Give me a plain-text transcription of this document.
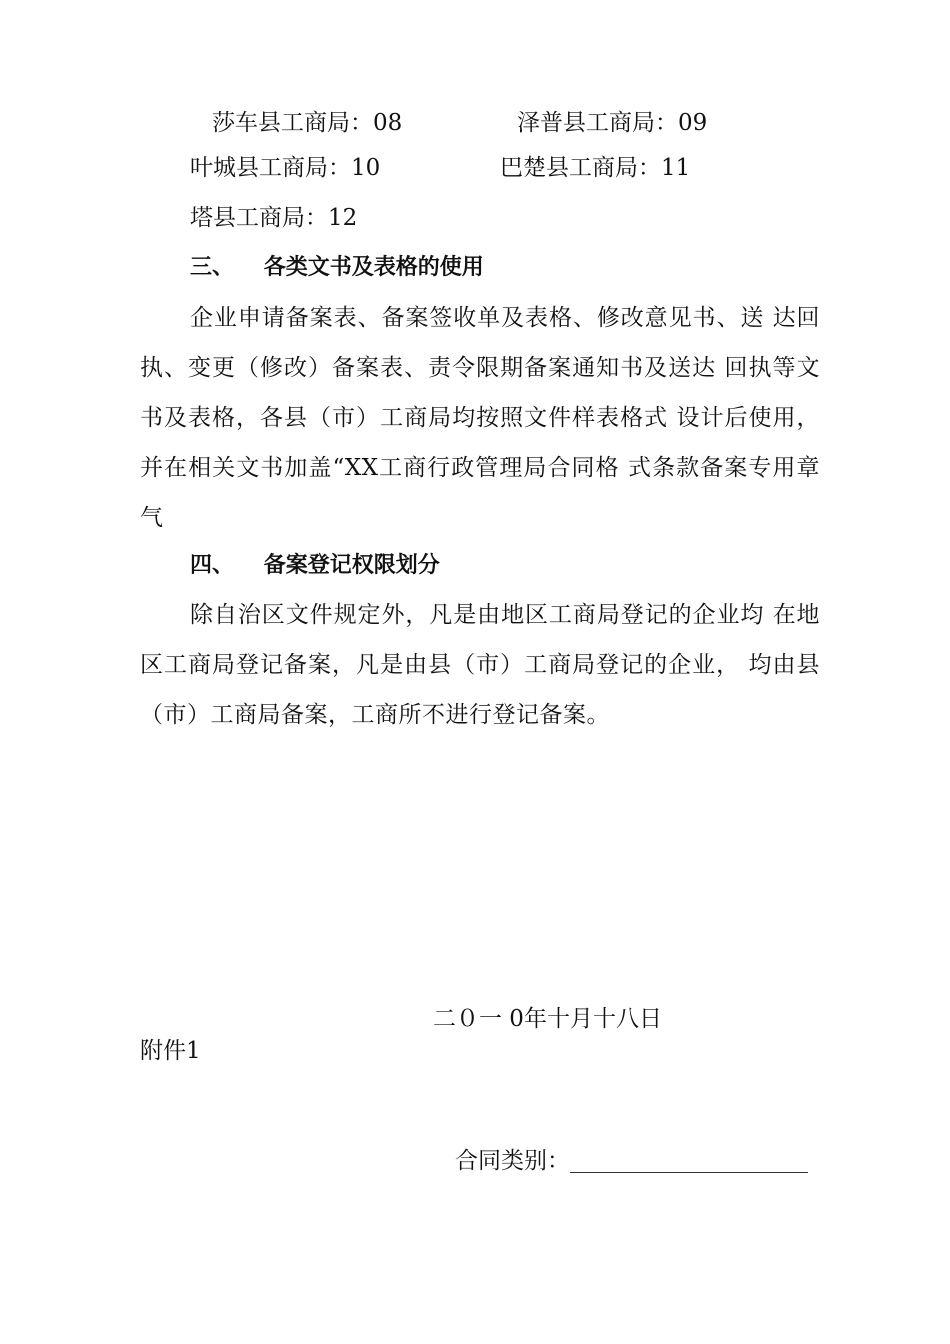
莎车县工商局：08	泽普县工商局：09
叶城县工商局：10	巴楚县工商局：11
塔县工商局：12
三、 各类文书及表格的使用
企业申请备案表、备案签收单及表格、修改意见书、送 达回执、变更（修改）备案表、责令限期备案通知书及送达 回执等文书及表格，各县（市）工商局均按照文件样表格式 设计后使用，并在相关文书加盖“XX工商行政管理局合同格 式条款备案专用章气
四、 备案登记权限划分
除自治区文件规定外，凡是由地区工商局登记的企业均 在地区工商局登记备案，凡是由县（市）工商局登记的企业， 均由县（市）工商局备案，工商所不进行登记备案。
二０一 0年十月十八日
附件1
合同类别：
